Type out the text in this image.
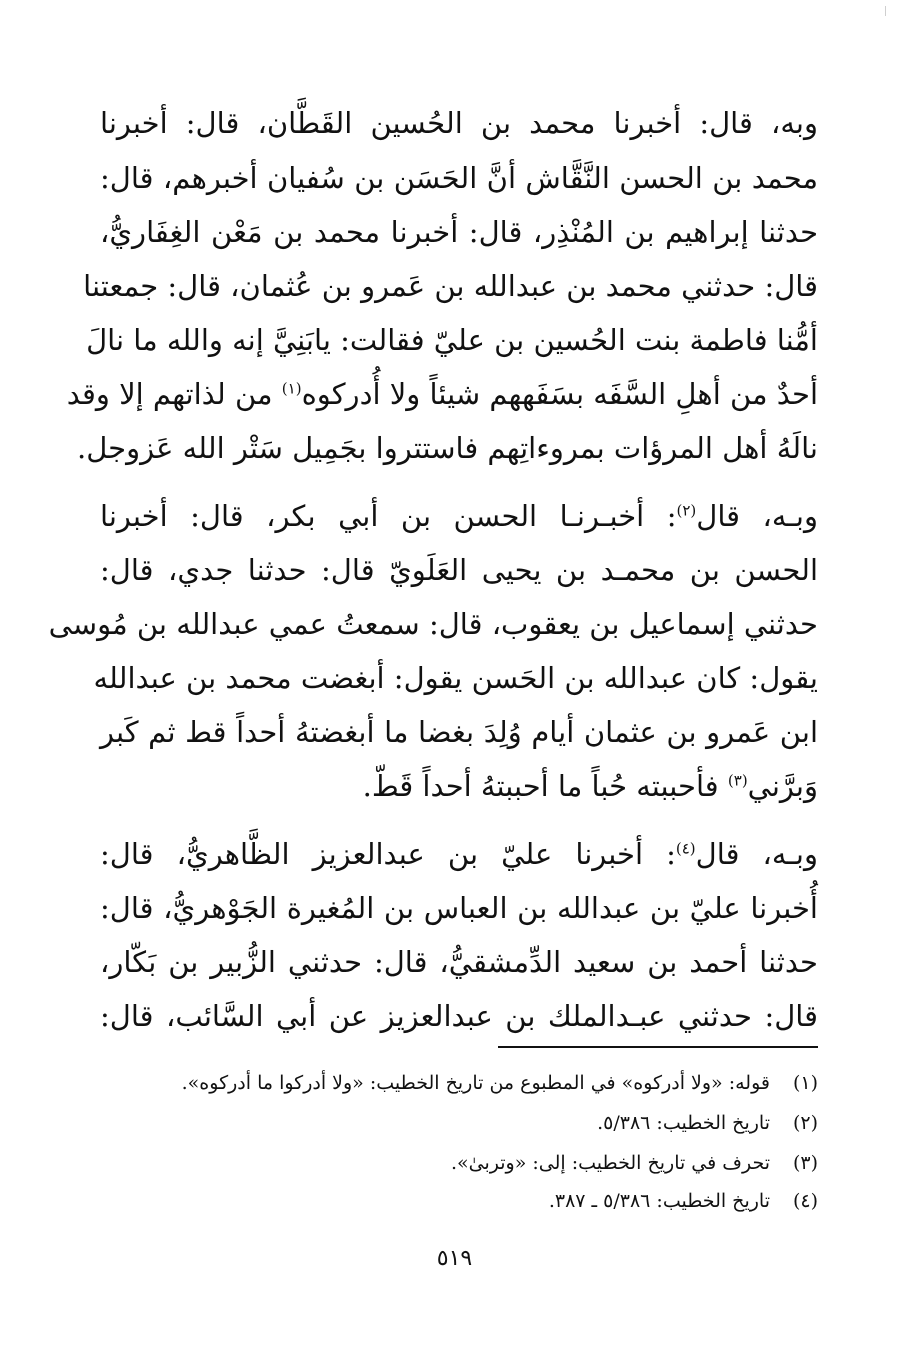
وبه، قال: أخبرنا محمد بن الحُسين القَطَّان، قال: أخبرنا
محمد بن الحسن النَّقَّاش أنَّ الحَسَن بن سُفيان أخبرهم، قال:
حدثنا إبراهيم بن المُنْذِر، قال: أخبرنا محمد بن مَعْن الغِفَاريُّ،
قال: حدثني محمد بن عبدالله بن عَمرو بن عُثمان، قال: جمعتنا
أمُّنا فاطمة بنت الحُسين بن عليّ فقالت: يابَنِيَّ إنه والله ما نالَ
أحدٌ من أهلِ السَّفَه بسَفَههم شيئاً ولا أُدركوه$^{(١)}$ من لذاتهم إلا وقد
نالَهُ أهل المرؤات بمروءاتِهم فاستتروا بجَمِيل سَتْر الله عَزوجل.
وبـه، قال$^{(٢)}$: أخبـرنـا الحسن بن أبي بكر، قال: أخبرنا
الحسن بن محمـد بن يحيى العَلَويّ قال: حدثنا جدي، قال:
حدثني إسماعيل بن يعقوب، قال: سمعتُ عمي عبدالله بن مُوسى
يقول: كان عبدالله بن الحَسن يقول: أبغضت محمد بن عبدالله
ابن عَمرو بن عثمان أيام وُلِدَ بغضا ما أبغضتهُ أحداً قط ثم كَبر
وَبرَّني$^{(٣)}$ فأحببته حُباً ما أحببتهُ أحداً قَطّ.
وبـه، قال$^{(٤)}$: أخبرنا عليّ بن عبدالعزيز الظَّاهريُّ، قال:
أُخبرنا عليّ بن عبدالله بن العباس بن المُغيرة الجَوْهريُّ، قال:
حدثنا أحمد بن سعيد الدِّمشقيُّ، قال: حدثني الزُّبير بن بَكّار،
قال: حدثني عبـدالملك بن عبدالعزيز عن أبي السَّائب، قال:
(١)قوله: «ولا أدركوه» في المطبوع من تاريخ الخطيب: «ولا أدركوا ما أدركوه».
(٢)تاريخ الخطيب: ٥/٣٨٦.
(٣)تحرف في تاريخ الخطيب: إلى: «وتربىٰ».
(٤)تاريخ الخطيب: ٥/٣٨٦ ـ ٣٨٧.
٥١٩
